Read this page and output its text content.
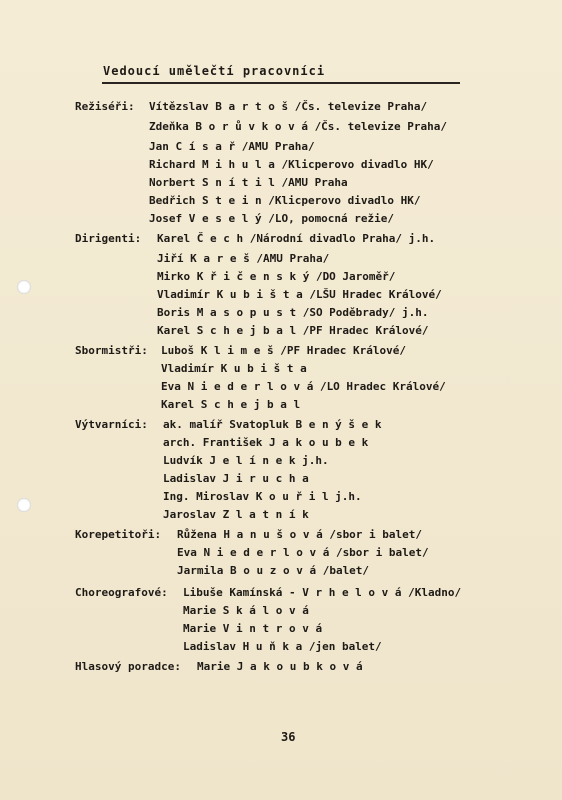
Vedoucí umělečtí pracovníci
Režiséři: Vítězslav B a r t o š /Čs. televize Praha/
Zdeňka B o r ů v k o v á /Čs. televize Praha/
Jan C í s a ř /AMU Praha/
Richard M i h u l a /Klicperovo divadlo HK/
Norbert S n í t i l /AMU Praha
Bedřich S t e i n /Klicperovo divadlo HK/
Josef V e s e l ý /LO, pomocná režie/
Dirigenti: Karel Č e c h /Národní divadlo Praha/ j.h.
Jiří K a r e š /AMU Praha/
Mirko K ř i č e n s k ý /DO Jaroměř/
Vladimír K u b i š t a /LŠU Hradec Králové/
Boris M a s o p u s t /SO Poděbrady/ j.h.
Karel S c h e j b a l /PF Hradec Králové/
Sbormistři: Luboš K l i m e š /PF Hradec Králové/
Vladimír K u b i š t a
Eva N i e d e r l o v á /LO Hradec Králové/
Karel S c h e j b a l
Výtvarníci: ak. malíř Svatopluk B e n ý š e k
arch. František J a k o u b e k
Ludvík J e l í n e k j.h.
Ladislav J i r u c h a
Ing. Miroslav K o u ř i l j.h.
Jaroslav Z l a t n í k
Korepetitoři: Růžena H a n u š o v á /sbor i balet/
Eva N i e d e r l o v á /sbor i balet/
Jarmila B o u z o v á /balet/
Choreografové: Libuše Kamínská - V r h e l o v á /Kladno/
Marie S k á l o v á
Marie V i n t r o v á
Ladislav H u ň k a /jen balet/
Hlasový poradce: Marie J a k o u b k o v á
36
